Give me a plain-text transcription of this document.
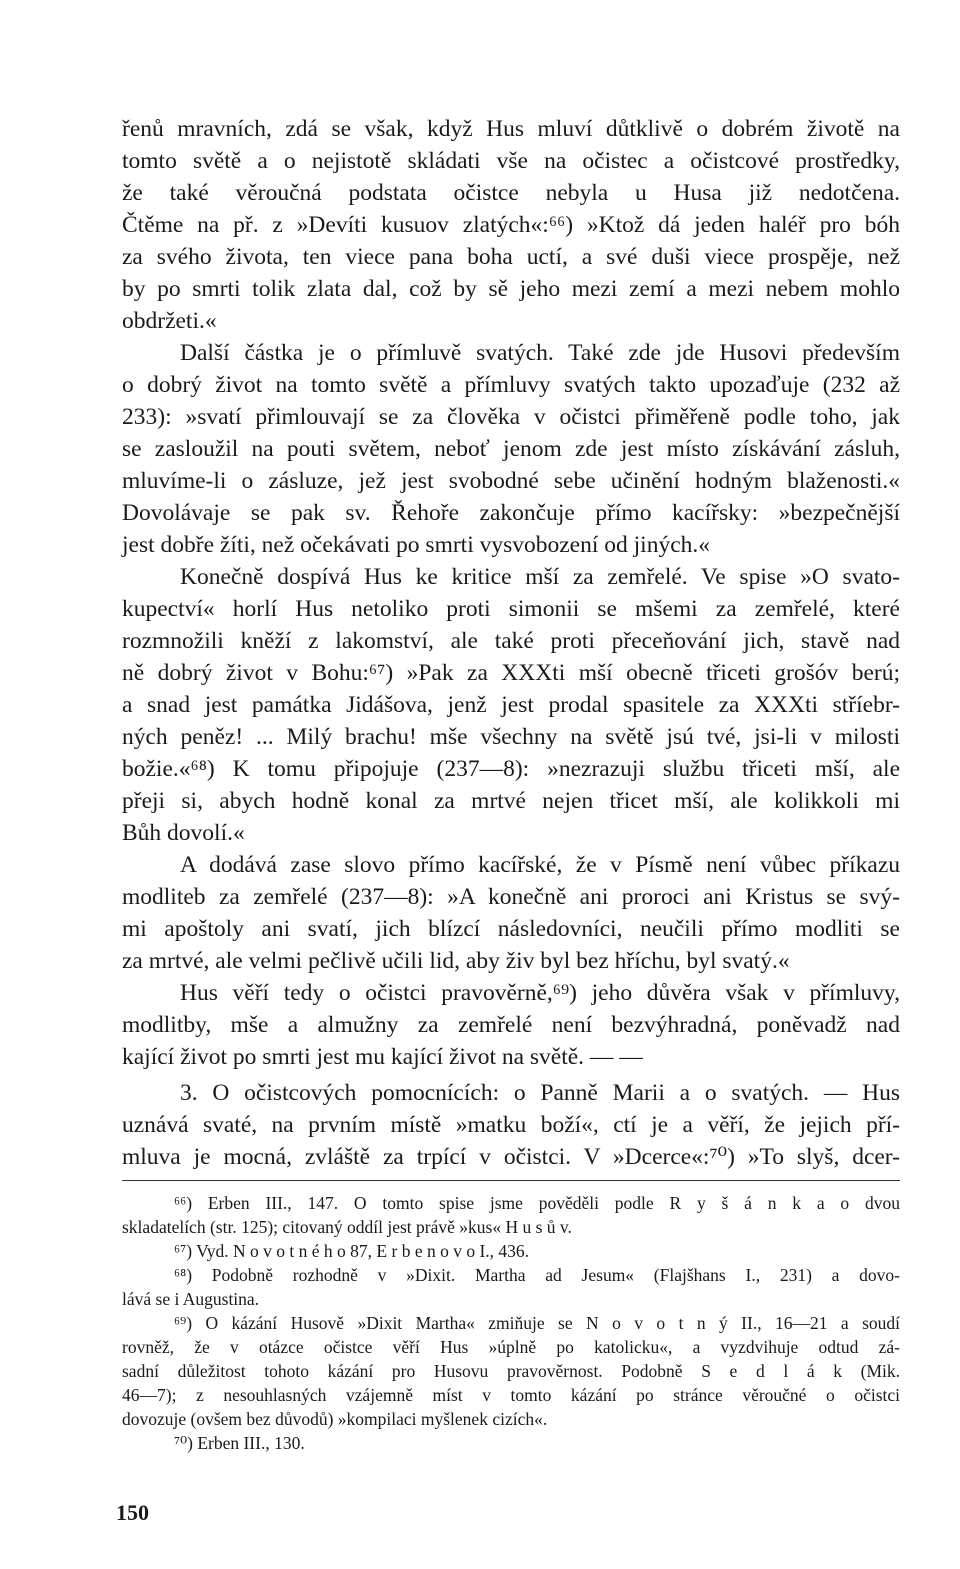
řenů mravních, zdá se však, když Hus mluví důtklivě o dobrém životě na
tomto světě a o nejistotě skládati vše na očistec a očistcové prostředky,
že také věroučná podstata očistce nebyla u Husa již nedotčena.
Čtěme na př. z »Devíti kusuov zlatých«:⁶⁶) »Ktož dá jeden haléř pro bóh
za svého života, ten viece pana boha uctí, a své duši viece prospěje, než
by po smrti tolik zlata dal, což by sě jeho mezi zemí a mezi nebem mohlo
obdržeti.«
Další částka je o přímluvě svatých. Také zde jde Husovi především
o dobrý život na tomto světě a přímluvy svatých takto upozaďuje (232 až
233): »svatí přimlouvají se za člověka v očistci přiměřeně podle toho, jak
se zasloužil na pouti světem, neboť jenom zde jest místo získávání zásluh,
mluvíme-li o zásluze, jež jest svobodné sebe učinění hodným blaženosti.«
Dovolávaje se pak sv. Řehoře zakončuje přímo kacířsky: »bezpečnější
jest dobře žíti, než očekávati po smrti vysvobození od jiných.«
Konečně dospívá Hus ke kritice mší za zemřelé. Ve spise »O svato-
kupectví« horlí Hus netoliko proti simonii se mšemi za zemřelé, které
rozmnožili kněží z lakomství, ale také proti přeceňování jich, stavě nad
ně dobrý život v Bohu:⁶⁷) »Pak za XXXti mší obecně třiceti grošóv berú;
a snad jest památka Jidášova, jenž jest prodal spasitele za XXXti stříebr-
ných peněz! ... Milý brachu! mše všechny na světě jsú tvé, jsi-li v milosti
božie.«⁶⁸) K tomu připojuje (237—8): »nezrazuji službu třiceti mší, ale
přeji si, abych hodně konal za mrtvé nejen třicet mší, ale kolikkoli mi
Bůh dovolí.«
A dodává zase slovo přímo kacířské, že v Písmě není vůbec příkazu
modliteb za zemřelé (237—8): »A konečně ani proroci ani Kristus se svý-
mi apoštoly ani svatí, jich blízcí následovníci, neučili přímo modliti se
za mrtvé, ale velmi pečlivě učili lid, aby živ byl bez hříchu, byl svatý.«
Hus věří tedy o očistci pravověrně,⁶⁹) jeho důvěra však v přímluvy,
modlitby, mše a almužny za zemřelé není bezvýhradná, poněvadž nad
kající život po smrti jest mu kající život na světě. — —
3. O očistcových pomocnících: o Panně Marii a o svatých. — Hus
uznává svaté, na prvním místě »matku boží«, ctí je a věří, že jejich pří-
mluva je mocná, zvláště za trpící v očistci. V »Dcerce«:⁷⁰) »To slyš, dcer-
⁶⁶) Erben III., 147. O tomto spise jsme pověděli podle R y š á n k a o dvou
skladatelích (str. 125); citovaný oddíl jest právě »kus« H u s ů v.
⁶⁷) Vyd. N o v o t n é h o 87, E r b e n o v o I., 436.
⁶⁸) Podobně rozhodně v »Dixit. Martha ad Jesum« (Flajšhans I., 231) a dovo-
lává se i Augustina.
⁶⁹) O kázání Husově »Dixit Martha« zmiňuje se N o v o t n ý II., 16—21 a soudí
rovněž, že v otázce očistce věří Hus »úplně po katolicku«, a vyzdvihuje odtud zá-
sadní důležitost tohoto kázání pro Husovu pravověrnost. Podobně S e d l á k (Mik.
46—7); z nesouhlasných vzájemně míst v tomto kázání po stránce věroučné o očistci
dovozuje (ovšem bez důvodů) »kompilaci myšlenek cizích«.
⁷⁰) Erben III., 130.
150
